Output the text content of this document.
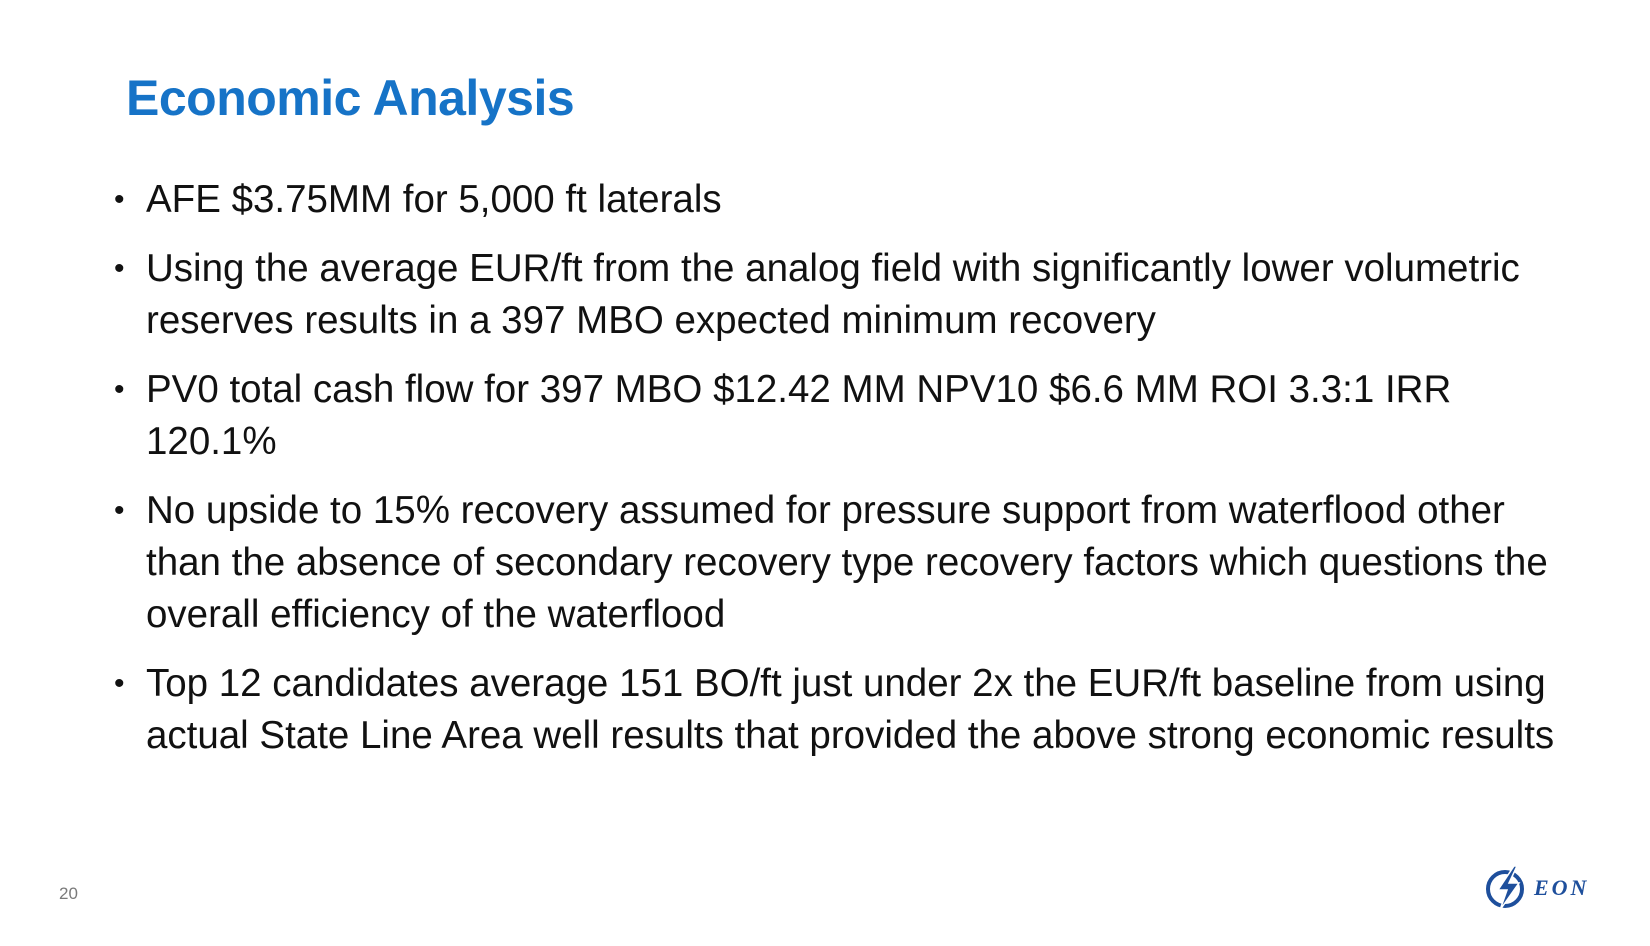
Economic Analysis
• AFE $3.75MM for 5,000 ft laterals
• Using the average EUR/ft from the analog field with significantly lower volumetric reserves results in a 397 MBO expected minimum recovery
• PV0 total cash flow for 397 MBO $12.42 MM NPV10 $6.6 MM ROI 3.3:1 IRR 120.1%
• No upside to 15% recovery assumed for pressure support from waterflood other than the absence of secondary recovery type recovery factors which questions the overall efficiency of the waterflood
• Top 12 candidates average 151 BO/ft just under 2x the EUR/ft baseline from using actual State Line Area well results that provided the above strong economic results
20	EON
